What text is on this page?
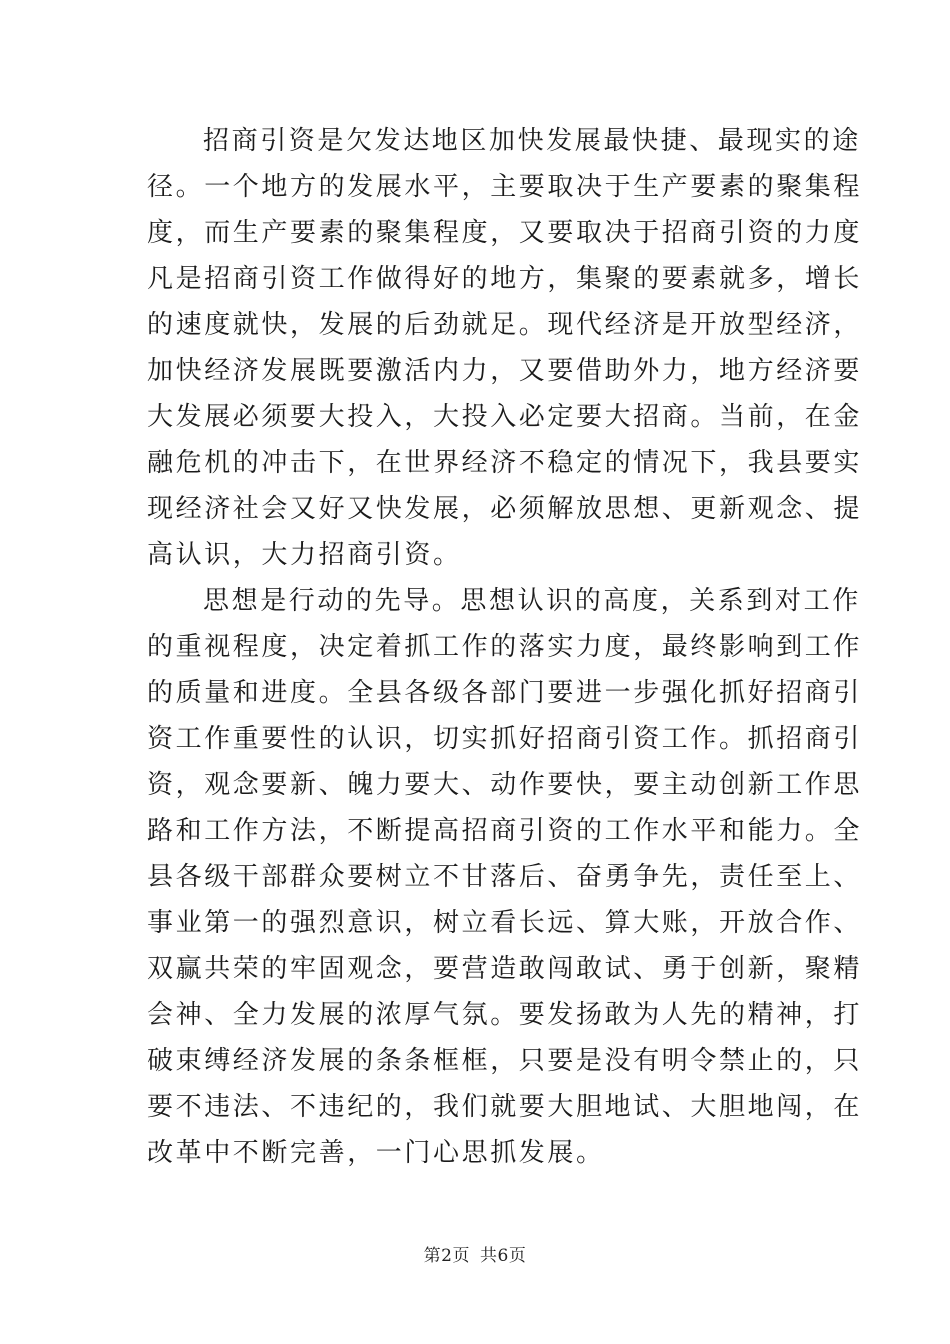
招商引资是欠发达地区加快发展最快捷、最现实的途
径。一个地方的发展水平，主要取决于生产要素的聚集程
度，而生产要素的聚集程度，又要取决于招商引资的力度
凡是招商引资工作做得好的地方，集聚的要素就多，增长
的速度就快，发展的后劲就足。现代经济是开放型经济，
加快经济发展既要激活内力，又要借助外力，地方经济要
大发展必须要大投入，大投入必定要大招商。当前，在金
融危机的冲击下，在世界经济不稳定的情况下，我县要实
现经济社会又好又快发展，必须解放思想、更新观念、提
高认识，大力招商引资。
思想是行动的先导。思想认识的高度，关系到对工作
的重视程度，决定着抓工作的落实力度，最终影响到工作
的质量和进度。全县各级各部门要进一步强化抓好招商引
资工作重要性的认识，切实抓好招商引资工作。抓招商引
资，观念要新、魄力要大、动作要快，要主动创新工作思
路和工作方法，不断提高招商引资的工作水平和能力。全
县各级干部群众要树立不甘落后、奋勇争先，责任至上、
事业第一的强烈意识，树立看长远、算大账，开放合作、
双赢共荣的牢固观念，要营造敢闯敢试、勇于创新，聚精
会神、全力发展的浓厚气氛。要发扬敢为人先的精神，打
破束缚经济发展的条条框框，只要是没有明令禁止的，只
要不违法、不违纪的，我们就要大胆地试、大胆地闯，在
改革中不断完善，一门心思抓发展。
第2页 共6页
